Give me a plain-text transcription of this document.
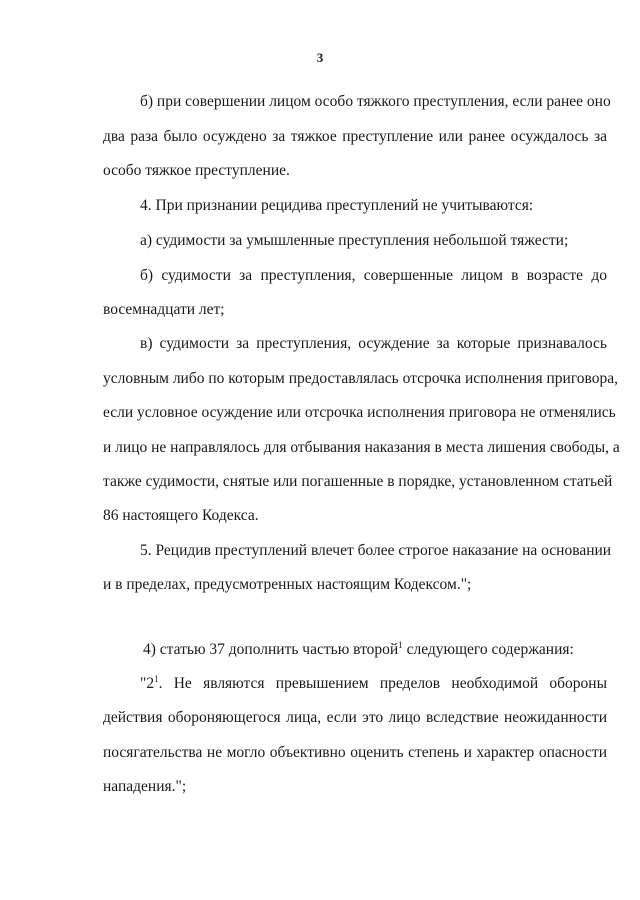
3
б) при совершении лицом особо тяжкого преступления, если ранее оно
два раза было осуждено за тяжкое преступление или ранее осуждалось за
особо тяжкое преступление.
4. При признании рецидива преступлений не учитываются:
а) судимости за умышленные преступления небольшой тяжести;
б) судимости за преступления, совершенные лицом в возрасте до
восемнадцати лет;
в) судимости за преступления, осуждение за которые признавалось
условным либо по которым предоставлялась отсрочка исполнения приговора,
если условное осуждение или отсрочка исполнения приговора не отменялись
и лицо не направлялось для отбывания наказания в места лишения свободы, а
также судимости, снятые или погашенные в порядке, установленном статьей
86 настоящего Кодекса.
5. Рецидив преступлений влечет более строгое наказание на основании
и в пределах, предусмотренных настоящим Кодексом.";
4) статью 37 дополнить частью второй$^1$ следующего содержания:
"$2^1$. Не являются превышением пределов необходимой обороны
действия обороняющегося лица, если это лицо вследствие неожиданности
посягательства не могло объективно оценить степень и характер опасности
нападения.";
